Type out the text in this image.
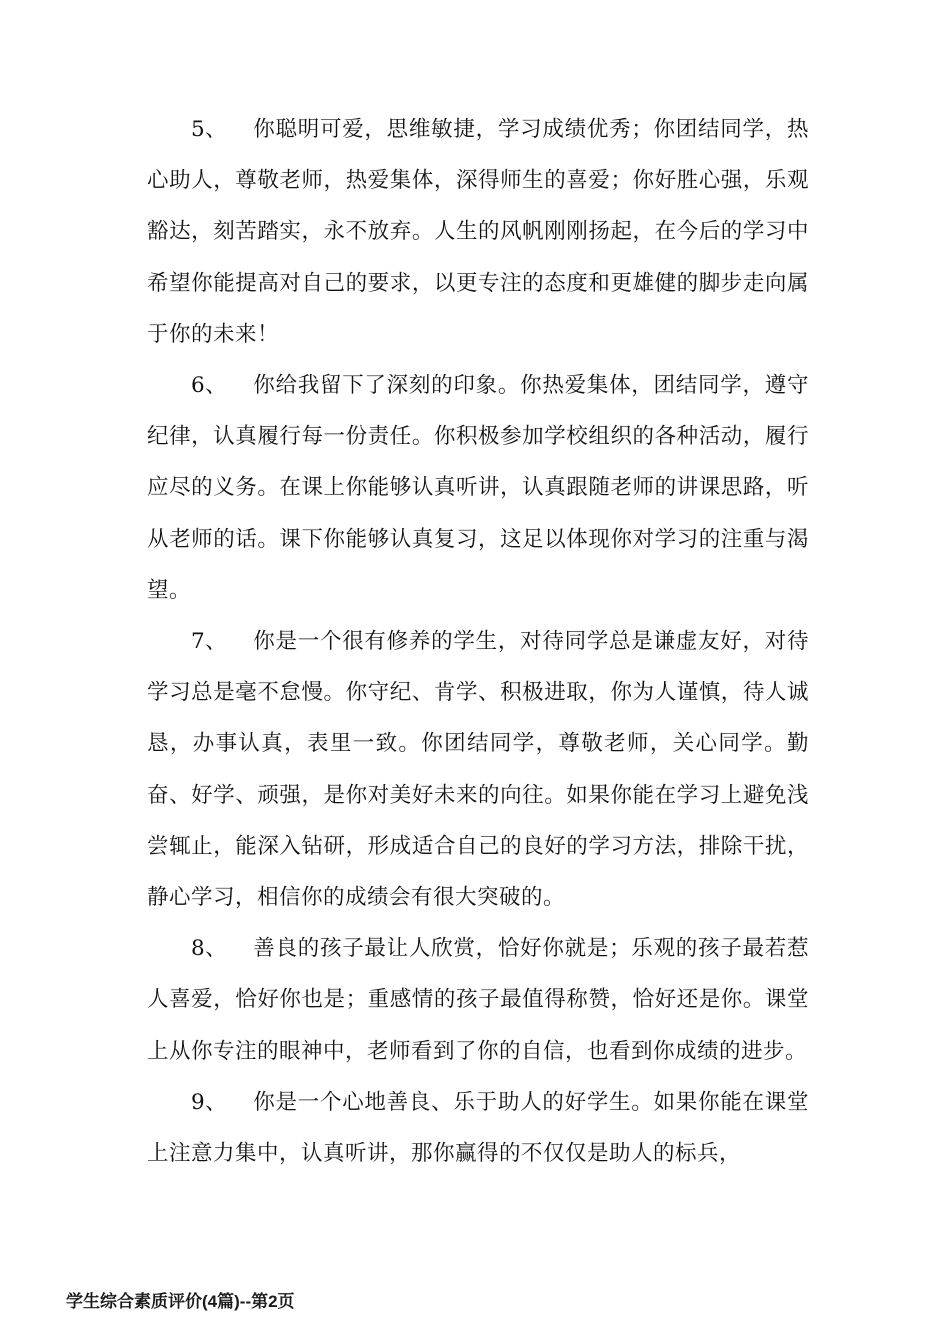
5、 你聪明可爱，思维敏捷，学习成绩优秀；你团结同学，热心助人，尊敬老师，热爱集体，深得师生的喜爱；你好胜心强，乐观豁达，刻苦踏实，永不放弃。人生的风帆刚刚扬起，在今后的学习中希望你能提高对自己的要求，以更专注的态度和更雄健的脚步走向属于你的未来！

6、 你给我留下了深刻的印象。你热爱集体，团结同学，遵守纪律，认真履行每一份责任。你积极参加学校组织的各种活动，履行应尽的义务。在课上你能够认真听讲，认真跟随老师的讲课思路，听从老师的话。课下你能够认真复习，这足以体现你对学习的注重与渴望。

7、 你是一个很有修养的学生，对待同学总是谦虚友好，对待学习总是毫不怠慢。你守纪、肯学、积极进取，你为人谨慎，待人诚恳，办事认真，表里一致。你团结同学，尊敬老师，关心同学。勤奋、好学、顽强，是你对美好未来的向往。如果你能在学习上避免浅尝辄止，能深入钻研，形成适合自己的良好的学习方法，排除干扰，静心学习，相信你的成绩会有很大突破的。

8、 善良的孩子最让人欣赏，恰好你就是；乐观的孩子最若惹人喜爱，恰好你也是；重感情的孩子最值得称赞，恰好还是你。课堂上从你专注的眼神中，老师看到了你的自信，也看到你成绩的进步。

9、 你是一个心地善良、乐于助人的好学生。如果你能在课堂上注意力集中，认真听讲，那你赢得的不仅仅是助人的标兵，

学生综合素质评价(4篇)--第2页
